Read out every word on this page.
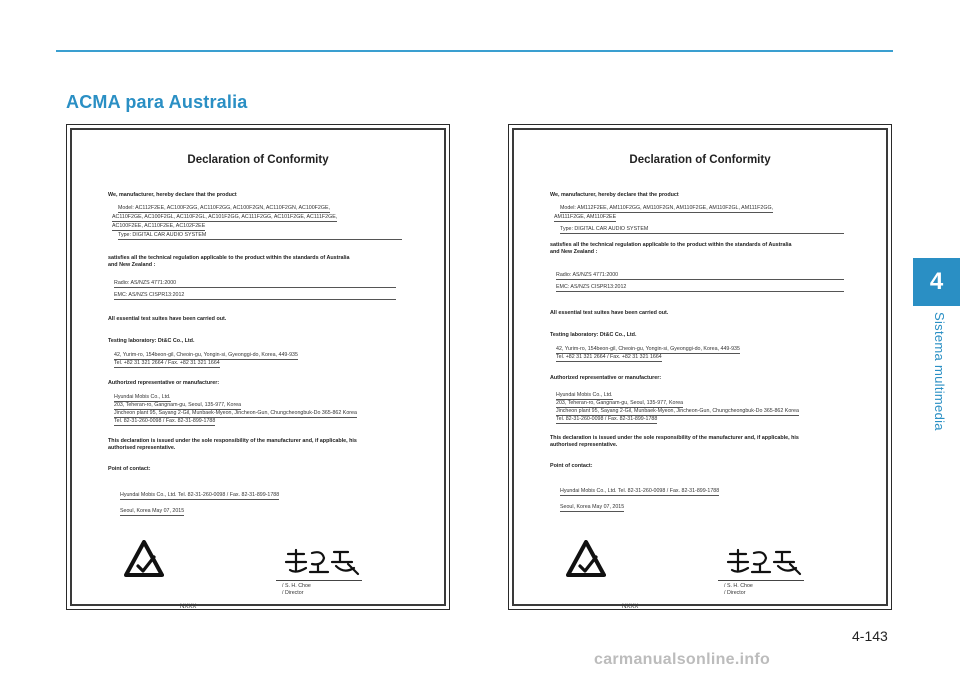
ACMA para Australia
4
Sistema multimedia
Declaration of Conformity
We, manufacturer, hereby declare that the product
Model: AC112F2EE, AC100F2GG, AC110F2GG, AC100F2GN, AC110F2GN, AC100F2GE,
AC110F2GE, AC100F2GL, AC110F2GL, AC101F2GG, AC111F2GG, AC101F2GE, AC111F2GE,
AC100F2EE, AC110F2EE, AC102F2EE
Type: DIGITAL CAR AUDIO SYSTEM
satisfies all the technical regulation applicable to the product within the standards of Australia
and New Zealand :
Radio: AS/NZS 4771:2000
EMC: AS/NZS CISPR13:2012
All essential test suites have been carried out.
Testing laboratory: Dt&C Co., Ltd.
42, Yurim-ro, 154beon-gil, Cheoin-gu, Yongin-si, Gyeonggi-do, Korea, 449-935
Tel. +82 31 321 2664 / Fax. +82 31 321 1664
Authorized representative or manufacturer:
Hyundai Mobis Co., Ltd.
203, Teheran-ro, Gangnam-gu, Seoul, 135-977, Korea
Jincheon plant 95, Sayang 2-Gil, Munbaek-Myeon, Jincheon-Gun, Chungcheongbuk-Do 365-862 Korea
Tel. 82-31-260-0098 / Fax. 82-31-899-1788
This declaration is issued under the sole responsibility of the manufacturer and, if applicable, his
authorised representative.
Point of contact:
Hyundai Mobis Co., Ltd. Tel. 82-31-260-0098 / Fax. 82-31-899-1788
Seoul, Korea May 07, 2015
/ S. H. Choe
/ Director
NXXX
Declaration of Conformity
We, manufacturer, hereby declare that the product
Model: AM112F2EE, AM110F2GG, AM110F2GN, AM110F2GE, AM110F2GL, AM111F2GG,
AM111F2GE, AM110F2EE
Type: DIGITAL CAR AUDIO SYSTEM
satisfies all the technical regulation applicable to the product within the standards of Australia
and New Zealand :
Radio: AS/NZS 4771:2000
EMC: AS/NZS CISPR13:2012
All essential test suites have been carried out.
Testing laboratory: Dt&C Co., Ltd.
42, Yurim-ro, 154beon-gil, Cheoin-gu, Yongin-si, Gyeonggi-do, Korea, 449-935
Tel. +82 31 321 2664 / Fax. +82 31 321 1664
Authorized representative or manufacturer:
Hyundai Mobis Co., Ltd.
203, Teheran-ro, Gangnam-gu, Seoul, 135-977, Korea
Jincheon plant 95, Sayang 2-Gil, Munbaek-Myeon, Jincheon-Gun, Chungcheongbuk-Do 365-862 Korea
Tel. 82-31-260-0098 / Fax. 82-31-899-1788
This declaration is issued under the sole responsibility of the manufacturer and, if applicable, his
authorised representative.
Point of contact:
Hyundai Mobis Co., Ltd. Tel. 82-31-260-0098 / Fax. 82-31-899-1788
Seoul, Korea May 07, 2015
/ S. H. Choe
/ Director
NXXX
4-143
carmanualsonline.info
